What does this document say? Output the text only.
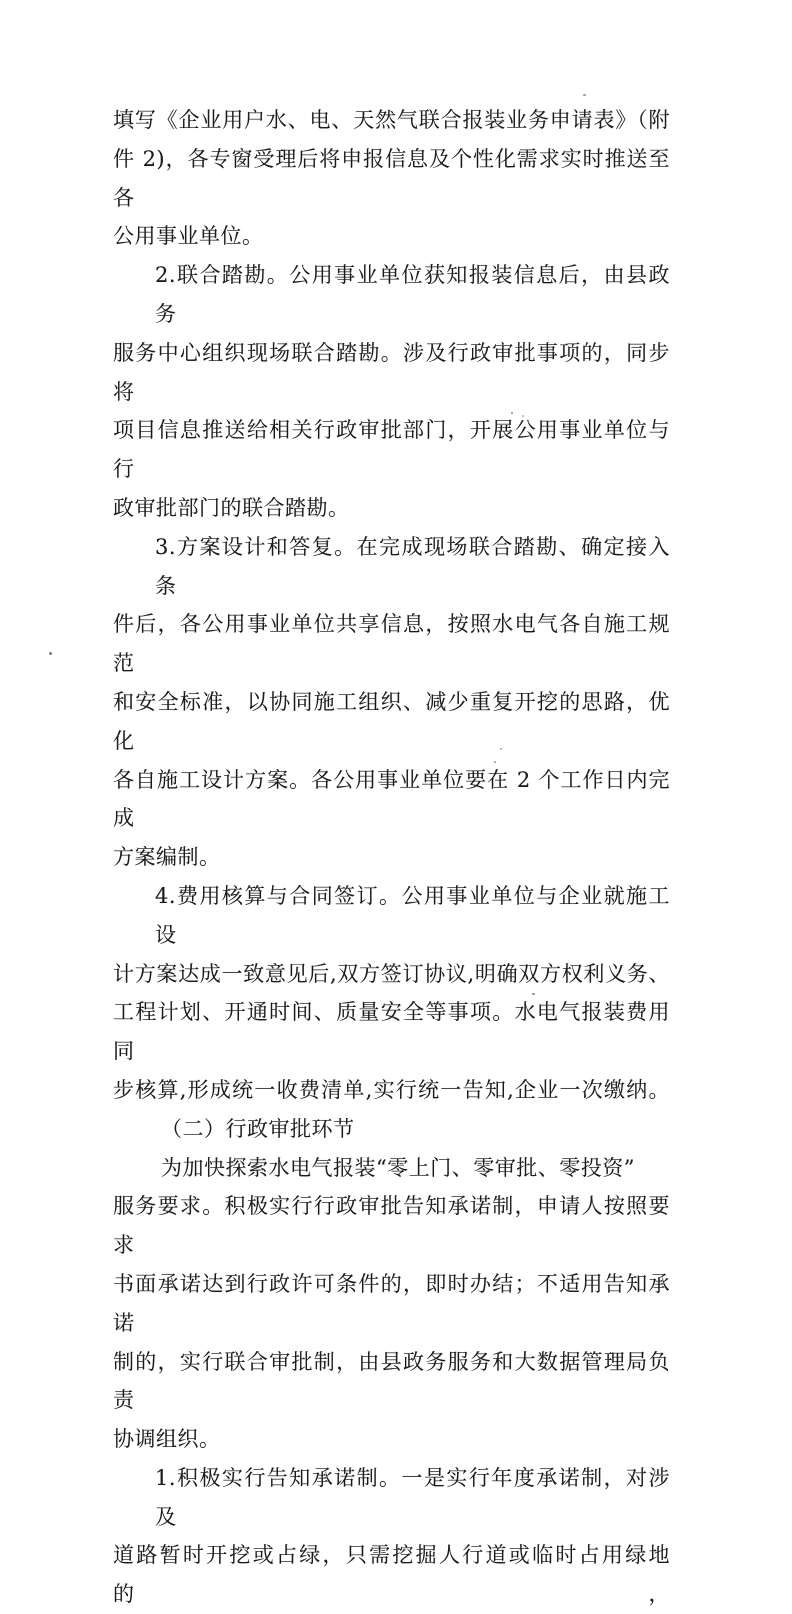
填写《企业用户水、电、天然气联合报装业务申请表》（附
件 2)，各专窗受理后将申报信息及个性化需求实时推送至各
公用事业单位。
2.联合踏勘。公用事业单位获知报装信息后，由县政务
服务中心组织现场联合踏勘。涉及行政审批事项的，同步将
项目信息推送给相关行政审批部门，开展公用事业单位与行
政审批部门的联合踏勘。
3.方案设计和答复。在完成现场联合踏勘、确定接入条
件后，各公用事业单位共享信息，按照水电气各自施工规范
和安全标准，以协同施工组织、减少重复开挖的思路，优化
各自施工设计方案。各公用事业单位要在 2 个工作日内完成
方案编制。
4.费用核算与合同签订。公用事业单位与企业就施工设
计方案达成一致意见后,双方签订协议,明确双方权利义务、
工程计划、开通时间、质量安全等事项。水电气报装费用同
步核算,形成统一收费清单,实行统一告知,企业一次缴纳。
（二）行政审批环节
为加快探索水电气报装“零上门、零审批、零投资”
服务要求。积极实行行政审批告知承诺制，申请人按照要求
书面承诺达到行政许可条件的，即时办结；不适用告知承诺
制的，实行联合审批制，由县政务服务和大数据管理局负责
协调组织。
1.积极实行告知承诺制。一是实行年度承诺制，对涉及
道路暂时开挖或占绿，只需挖掘人行道或临时占用绿地的，
